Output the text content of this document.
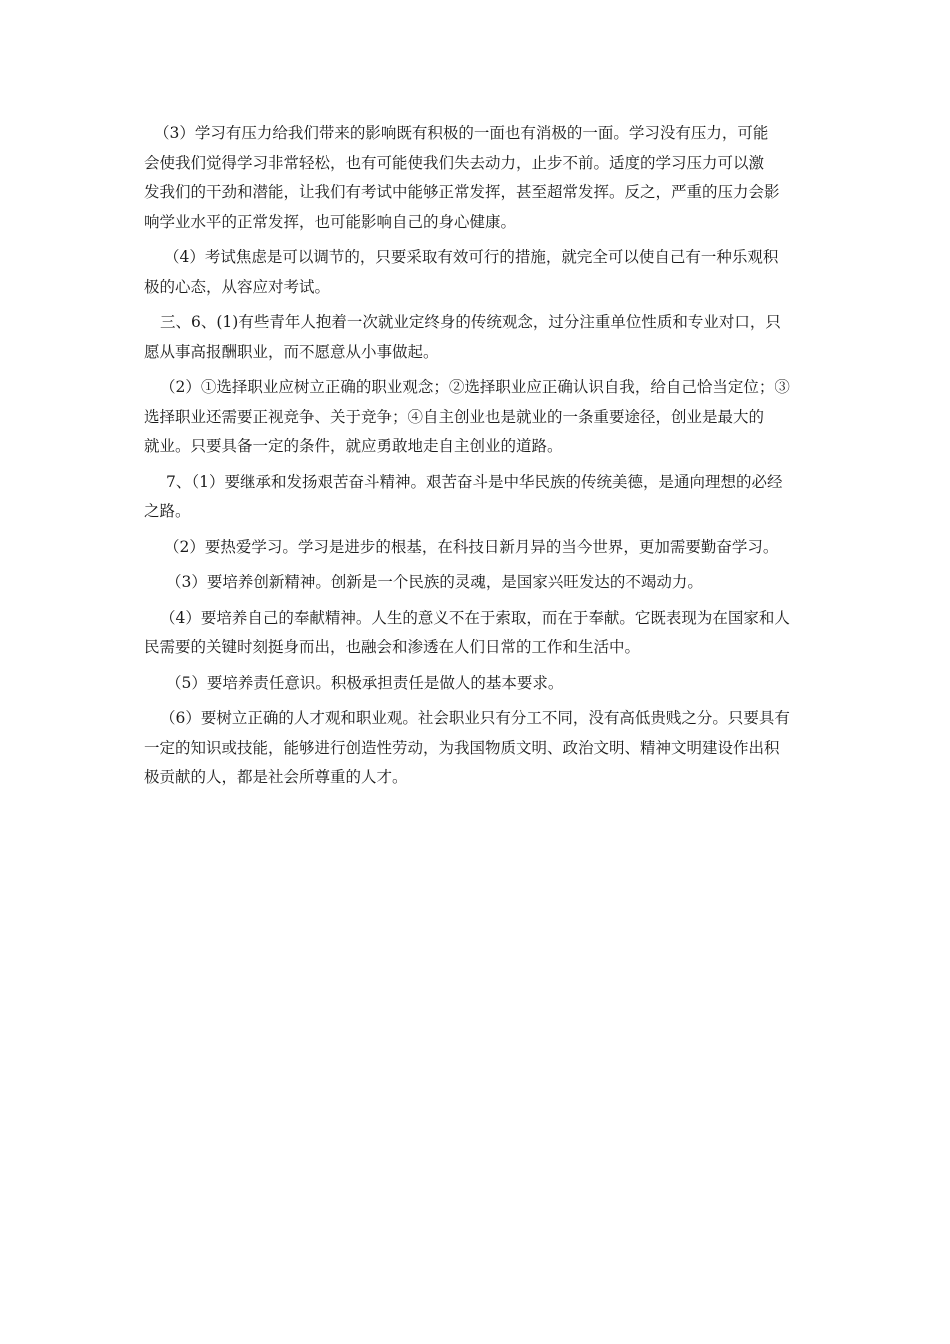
（3）学习有压力给我们带来的影响既有积极的一面也有消极的一面。学习没有压力，可能
会使我们觉得学习非常轻松，也有可能使我们失去动力，止步不前。适度的学习压力可以激
发我们的干劲和潜能，让我们有考试中能够正常发挥，甚至超常发挥。反之，严重的压力会影
响学业水平的正常发挥，也可能影响自己的身心健康。
（4）考试焦虑是可以调节的，只要采取有效可行的措施，就完全可以使自己有一种乐观积
极的心态，从容应对考试。
三、6、(1)有些青年人抱着一次就业定终身的传统观念，过分注重单位性质和专业对口，只
愿从事高报酬职业，而不愿意从小事做起。
（2）①选择职业应树立正确的职业观念；②选择职业应正确认识自我，给自己恰当定位；③
选择职业还需要正视竞争、关于竞争；④自主创业也是就业的一条重要途径，创业是最大的
就业。只要具备一定的条件，就应勇敢地走自主创业的道路。
7、（1）要继承和发扬艰苦奋斗精神。艰苦奋斗是中华民族的传统美德，是通向理想的必经
之路。
（2）要热爱学习。学习是进步的根基，在科技日新月异的当今世界，更加需要勤奋学习。
（3）要培养创新精神。创新是一个民族的灵魂，是国家兴旺发达的不竭动力。
（4）要培养自己的奉献精神。人生的意义不在于索取，而在于奉献。它既表现为在国家和人
民需要的关键时刻挺身而出，也融会和渗透在人们日常的工作和生活中。
（5）要培养责任意识。积极承担责任是做人的基本要求。
（6）要树立正确的人才观和职业观。社会职业只有分工不同，没有高低贵贱之分。只要具有
一定的知识或技能，能够进行创造性劳动，为我国物质文明、政治文明、精神文明建设作出积
极贡献的人，都是社会所尊重的人才。
